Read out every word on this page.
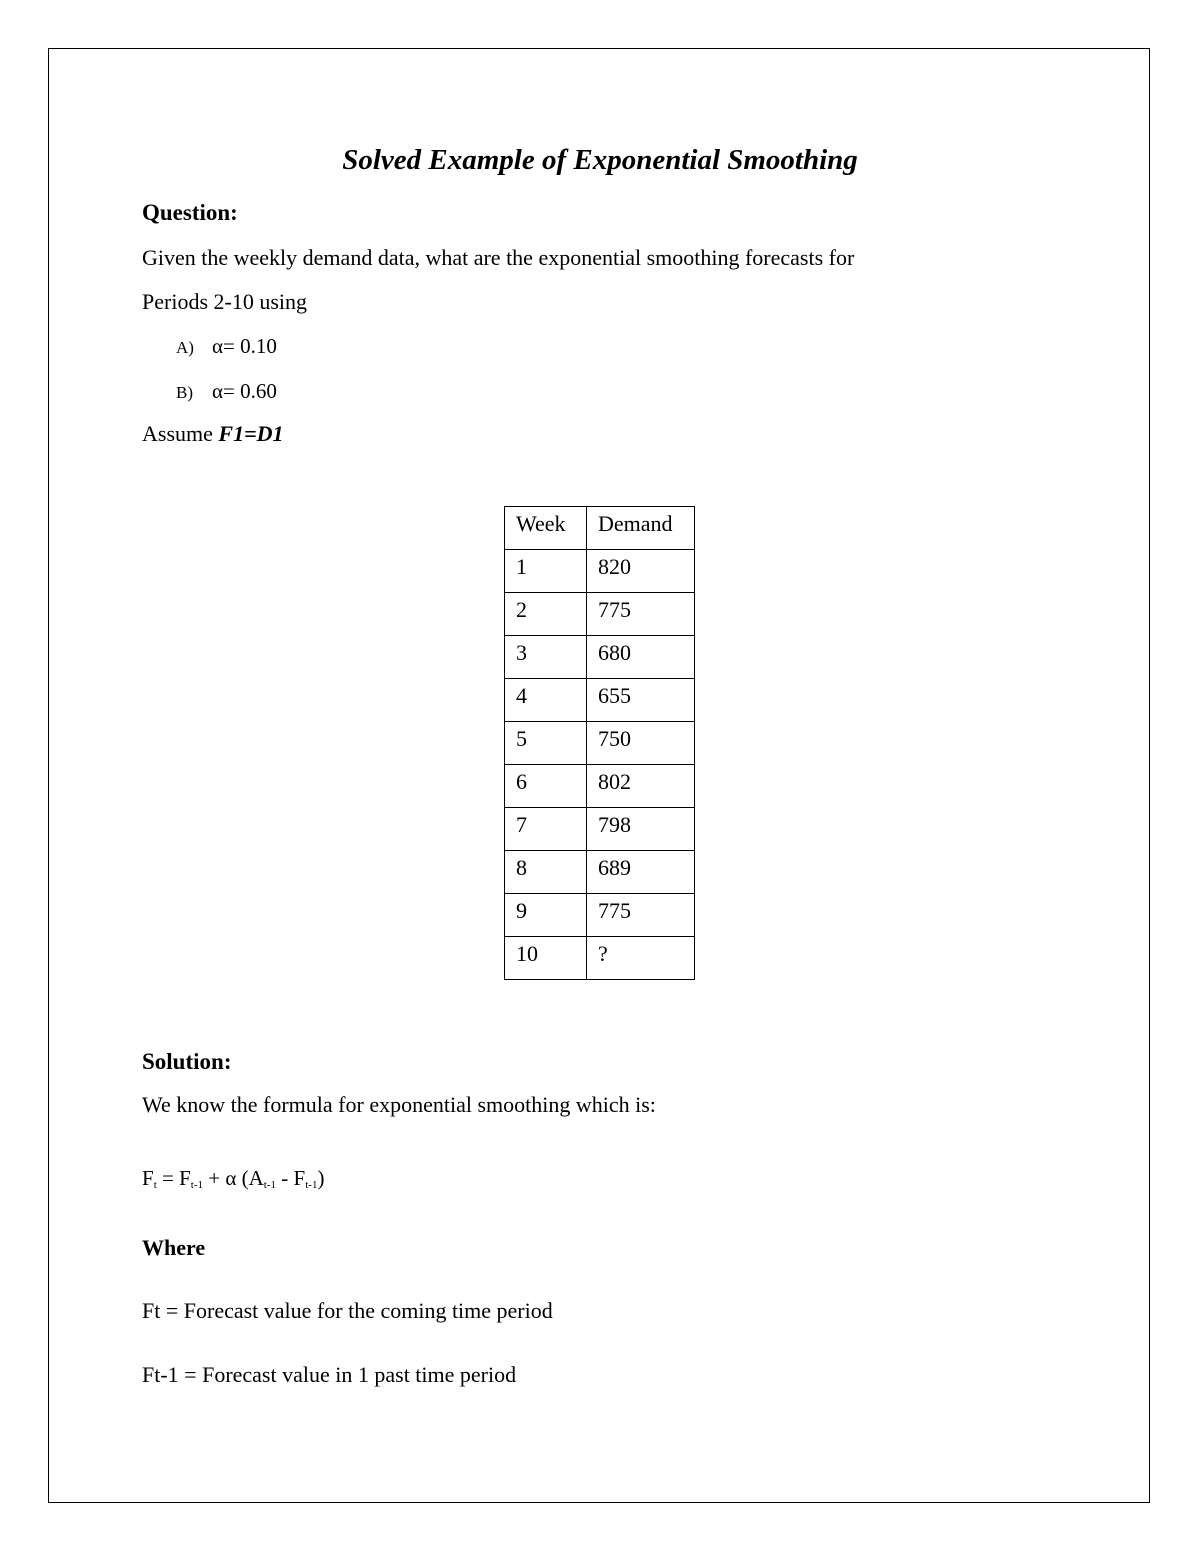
Solved Example of Exponential Smoothing
Question:
Given the weekly demand data, what are the exponential smoothing forecasts for
Periods 2-10 using
A) α= 0.10
B) α= 0.60
Assume F1=D1
Week	Demand
1	820
2	775
3	680
4	655
5	750
6	802
7	798
8	689
9	775
10	?
Solution:
We know the formula for exponential smoothing which is:
$F_t = F_{t-1} + \alpha$ $(A_{t-1} - F_{t-1})$
Where
Ft = Forecast value for the coming time period
Ft-1 = Forecast value in 1 past time period
